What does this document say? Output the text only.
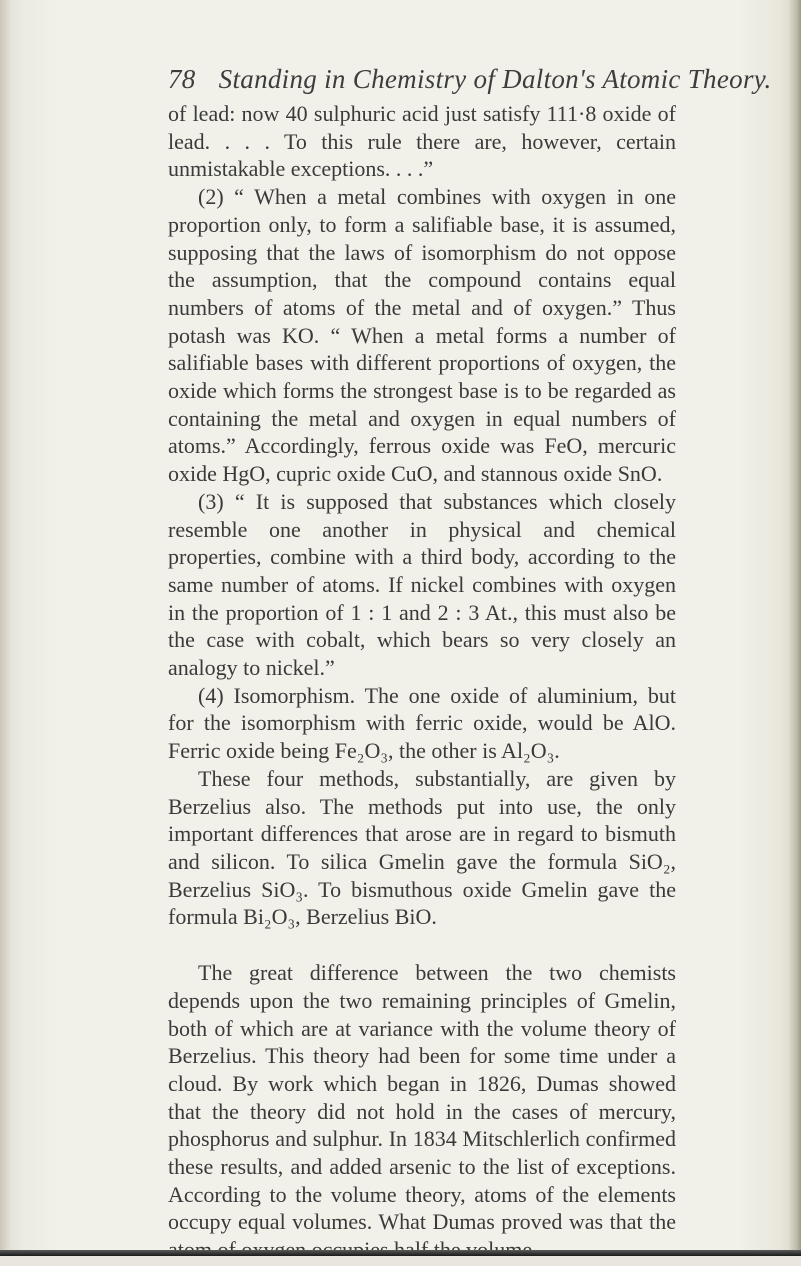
78 Standing in Chemistry of Dalton's Atomic Theory.

of lead: now 40 sulphuric acid just satisfy 111·8 oxide of lead. . . . To this rule there are, however, certain unmistakable exceptions. . . .”

(2) “ When a metal combines with oxygen in one proportion only, to form a salifiable base, it is assumed, supposing that the laws of isomorphism do not oppose the assumption, that the compound contains equal numbers of atoms of the metal and of oxygen.” Thus potash was KO. “ When a metal forms a number of salifiable bases with different proportions of oxygen, the oxide which forms the strongest base is to be regarded as containing the metal and oxygen in equal numbers of atoms.” Accordingly, ferrous oxide was FeO, mercuric oxide HgO, cupric oxide CuO, and stannous oxide SnO.

(3) “ It is supposed that substances which closely resemble one another in physical and chemical properties, combine with a third body, according to the same number of atoms. If nickel combines with oxygen in the proportion of 1 : 1 and 2 : 3 At., this must also be the case with cobalt, which bears so very closely an analogy to nickel.”

(4) Isomorphism. The one oxide of aluminium, but for the isomorphism with ferric oxide, would be AlO. Ferric oxide being Fe₂O₃, the other is Al₂O₃.

These four methods, substantially, are given by Berzelius also. The methods put into use, the only important differences that arose are in regard to bismuth and silicon. To silica Gmelin gave the formula SiO₂, Berzelius SiO₃. To bismuthous oxide Gmelin gave the formula Bi₂O₃, Berzelius BiO.

The great difference between the two chemists depends upon the two remaining principles of Gmelin, both of which are at variance with the volume theory of Berzelius. This theory had been for some time under a cloud. By work which began in 1826, Dumas showed that the theory did not hold in the cases of mercury, phosphorus and sulphur. In 1834 Mitschlerlich confirmed these results, and added arsenic to the list of exceptions. According to the volume theory, atoms of the elements occupy equal volumes. What Dumas proved was that the
